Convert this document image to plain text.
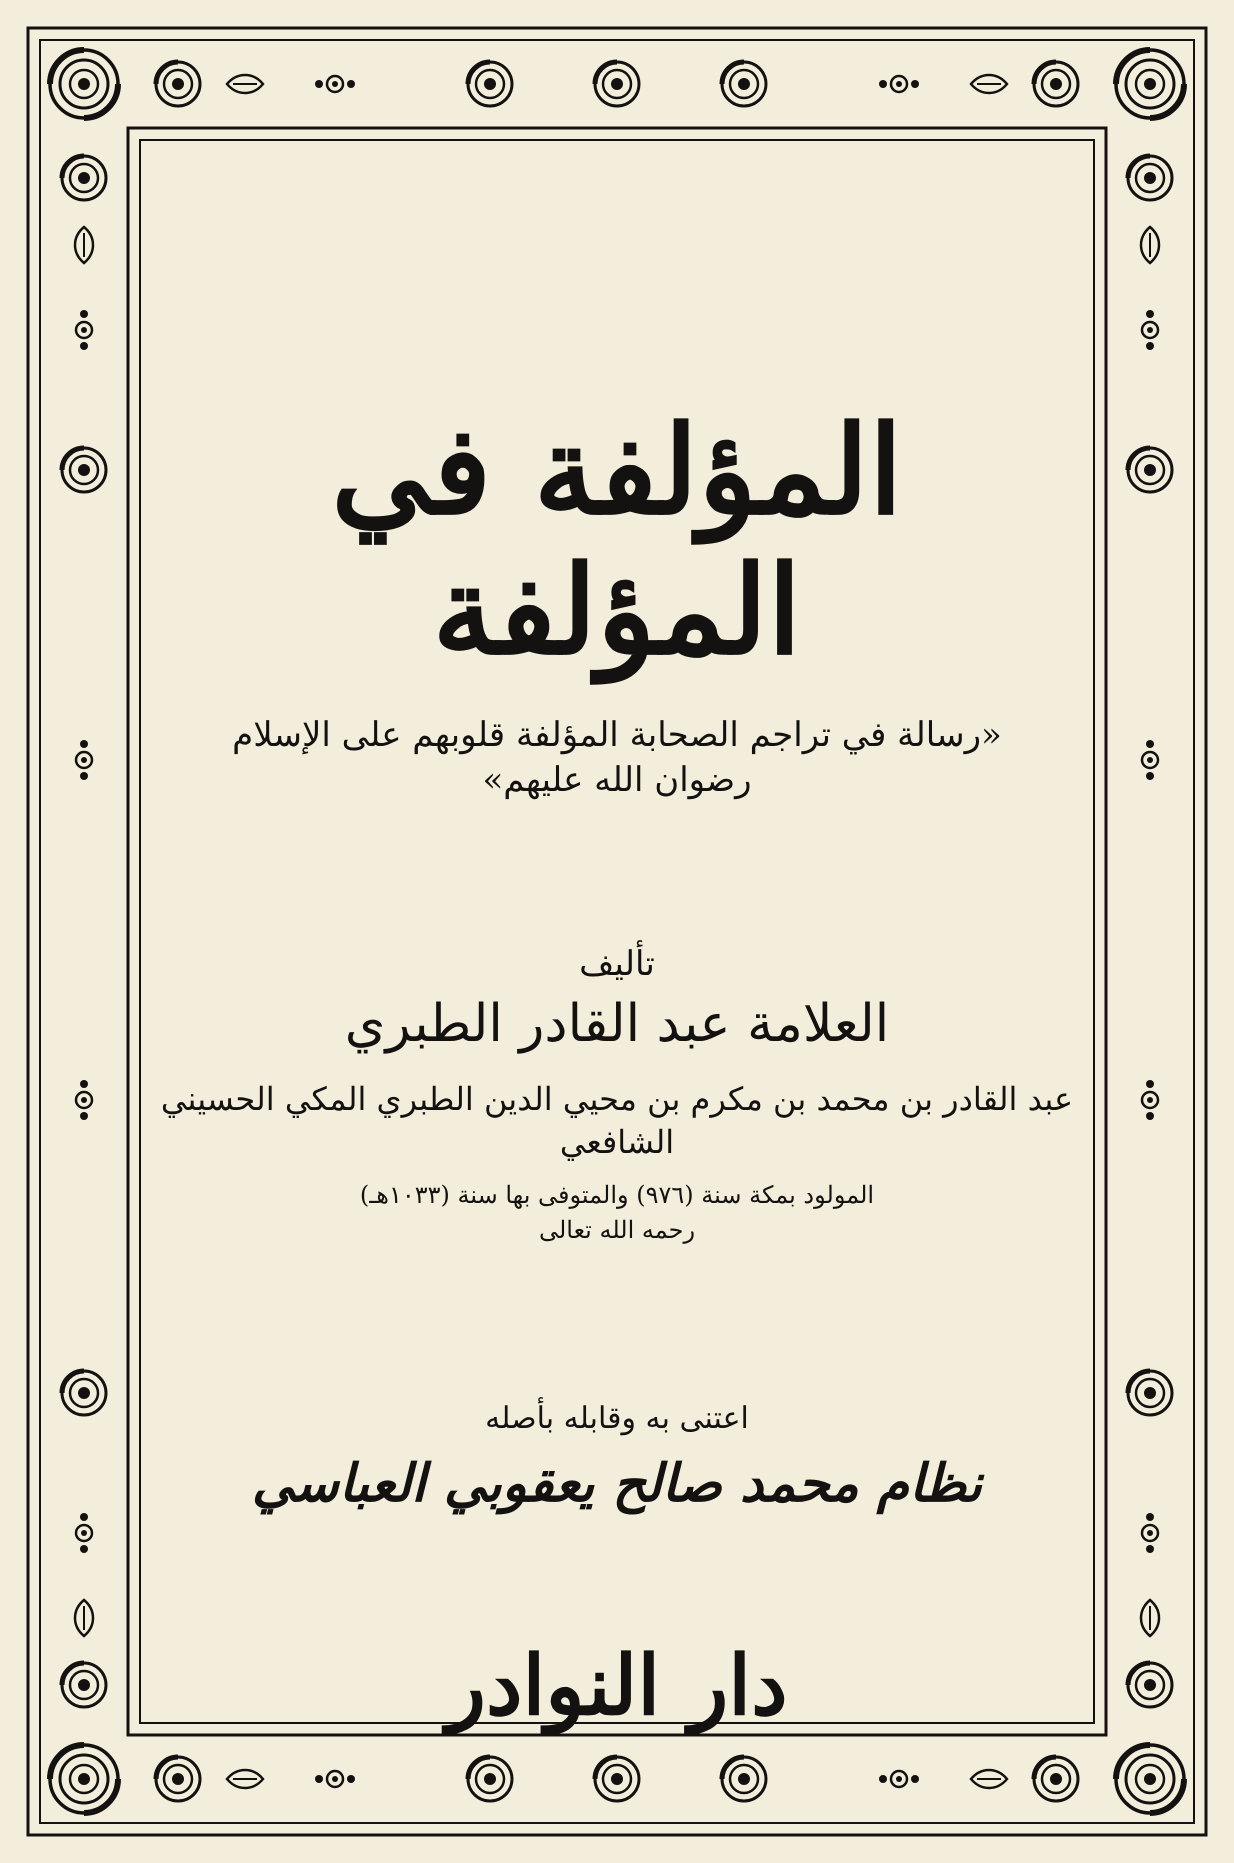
المؤلفة في المؤلفة

«رسالة في تراجم الصحابة المؤلفة قلوبهم على الإسلام

رضوان الله عليهم»

تأليف

العلامة عبد القادر الطبري

عبد القادر بن محمد بن مكرم بن محيي الدين الطبري المكي الحسيني الشافعي

المولود بمكة سنة (٩٧٦) والمتوفى بها سنة (١٠٣٣هـ)

رحمه الله تعالى

اعتنى به وقابله بأصله

نظام محمد صالح يعقوبي العباسي

دار النوادر
